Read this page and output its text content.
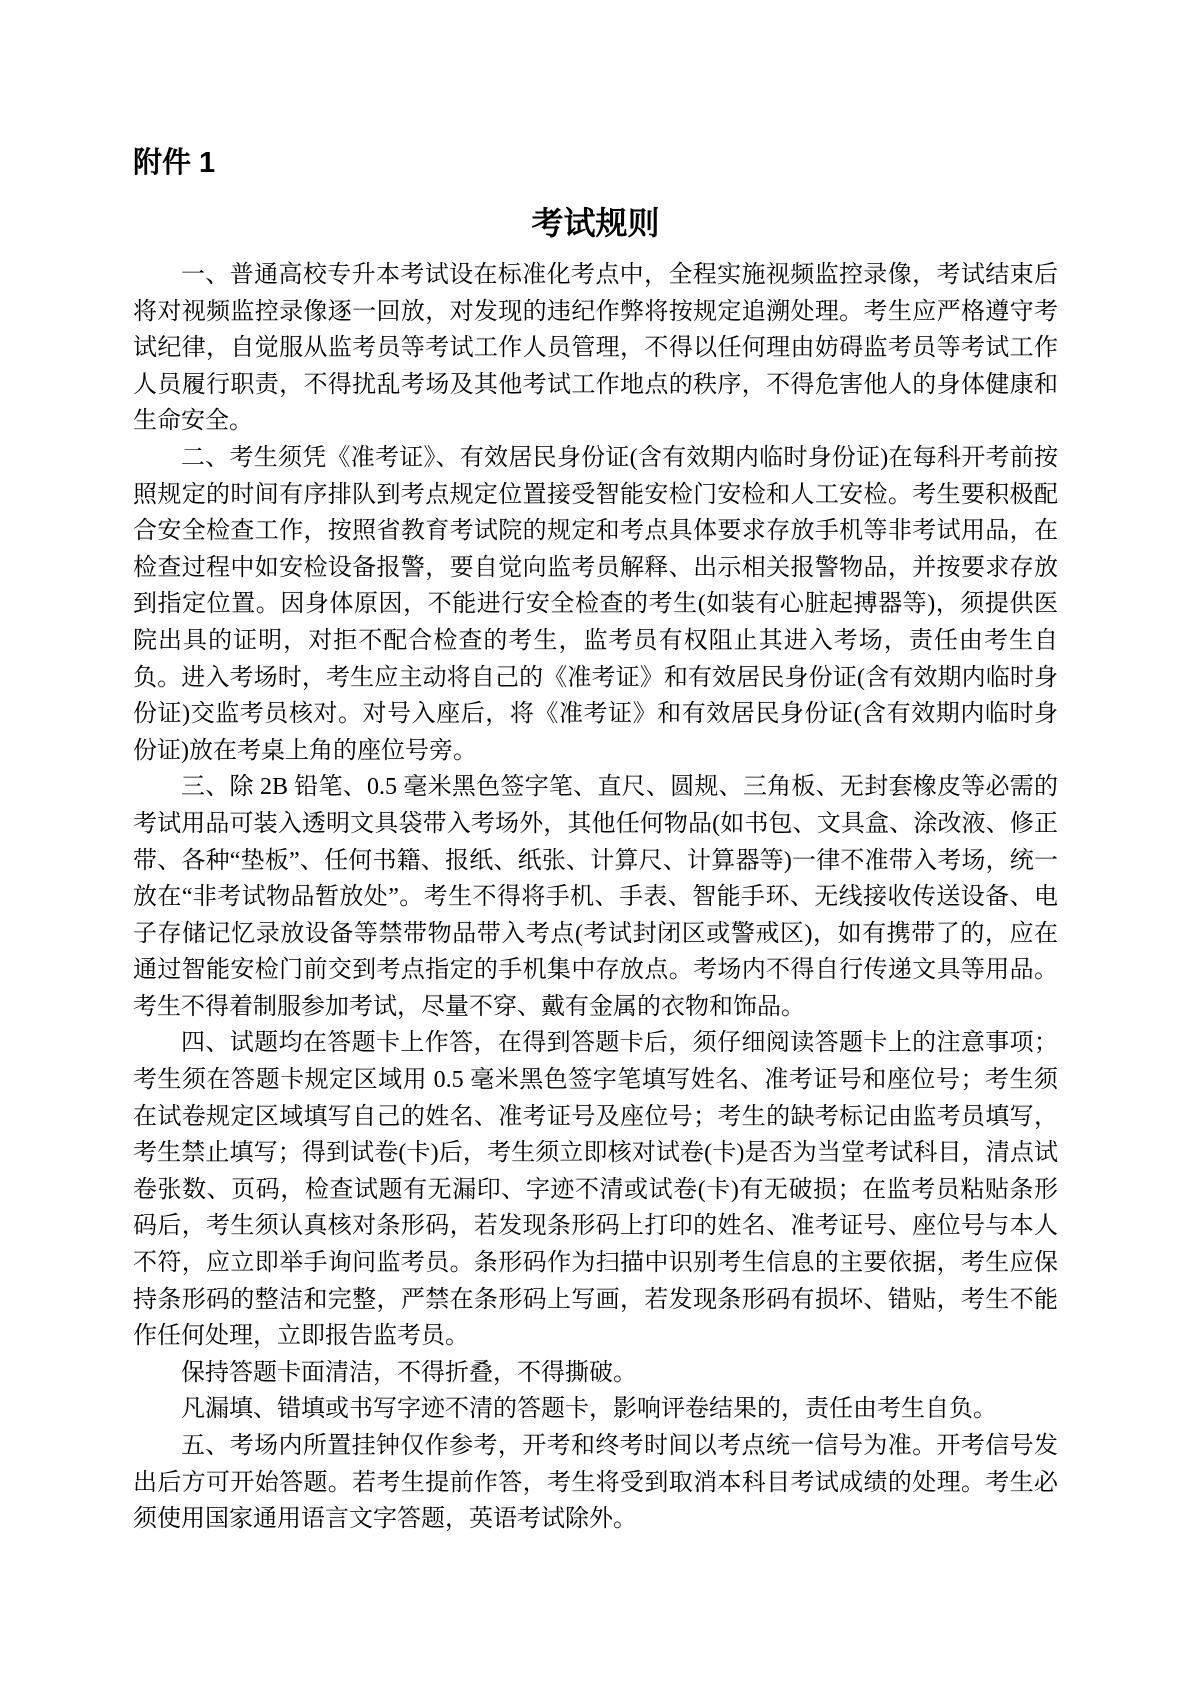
附件 1
考试规则

一、普通高校专升本考试设在标准化考点中，全程实施视频监控录像，考试结束后将对视频监控录像逐一回放，对发现的违纪作弊将按规定追溯处理。考生应严格遵守考试纪律，自觉服从监考员等考试工作人员管理，不得以任何理由妨碍监考员等考试工作人员履行职责，不得扰乱考场及其他考试工作地点的秩序，不得危害他人的身体健康和生命安全。

二、考生须凭《准考证》、有效居民身份证(含有效期内临时身份证)在每科开考前按照规定的时间有序排队到考点规定位置接受智能安检门安检和人工安检。考生要积极配合安全检查工作，按照省教育考试院的规定和考点具体要求存放手机等非考试用品，在检查过程中如安检设备报警，要自觉向监考员解释、出示相关报警物品，并按要求存放到指定位置。因身体原因，不能进行安全检查的考生(如装有心脏起搏器等)，须提供医院出具的证明，对拒不配合检查的考生，监考员有权阻止其进入考场，责任由考生自负。进入考场时，考生应主动将自己的《准考证》和有效居民身份证(含有效期内临时身份证)交监考员核对。对号入座后，将《准考证》和有效居民身份证(含有效期内临时身份证)放在考桌上角的座位号旁。

三、除 2B 铅笔、0.5 毫米黑色签字笔、直尺、圆规、三角板、无封套橡皮等必需的考试用品可装入透明文具袋带入考场外，其他任何物品(如书包、文具盒、涂改液、修正带、各种“垫板”、任何书籍、报纸、纸张、计算尺、计算器等)一律不准带入考场，统一放在“非考试物品暂放处”。考生不得将手机、手表、智能手环、无线接收传送设备、电子存储记忆录放设备等禁带物品带入考点(考试封闭区或警戒区)，如有携带了的，应在通过智能安检门前交到考点指定的手机集中存放点。考场内不得自行传递文具等用品。考生不得着制服参加考试，尽量不穿、戴有金属的衣物和饰品。

四、试题均在答题卡上作答，在得到答题卡后，须仔细阅读答题卡上的注意事项；考生须在答题卡规定区域用 0.5 毫米黑色签字笔填写姓名、准考证号和座位号；考生须在试卷规定区域填写自己的姓名、准考证号及座位号；考生的缺考标记由监考员填写，考生禁止填写；得到试卷(卡)后，考生须立即核对试卷(卡)是否为当堂考试科目，清点试卷张数、页码，检查试题有无漏印、字迹不清或试卷(卡)有无破损；在监考员粘贴条形码后，考生须认真核对条形码，若发现条形码上打印的姓名、准考证号、座位号与本人不符，应立即举手询问监考员。条形码作为扫描中识别考生信息的主要依据，考生应保持条形码的整洁和完整，严禁在条形码上写画，若发现条形码有损坏、错贴，考生不能作任何处理，立即报告监考员。

保持答题卡面清洁，不得折叠，不得撕破。

凡漏填、错填或书写字迹不清的答题卡，影响评卷结果的，责任由考生自负。

五、考场内所置挂钟仅作参考，开考和终考时间以考点统一信号为准。开考信号发出后方可开始答题。若考生提前作答，考生将受到取消本科目考试成绩的处理。考生必须使用国家通用语言文字答题，英语考试除外。
